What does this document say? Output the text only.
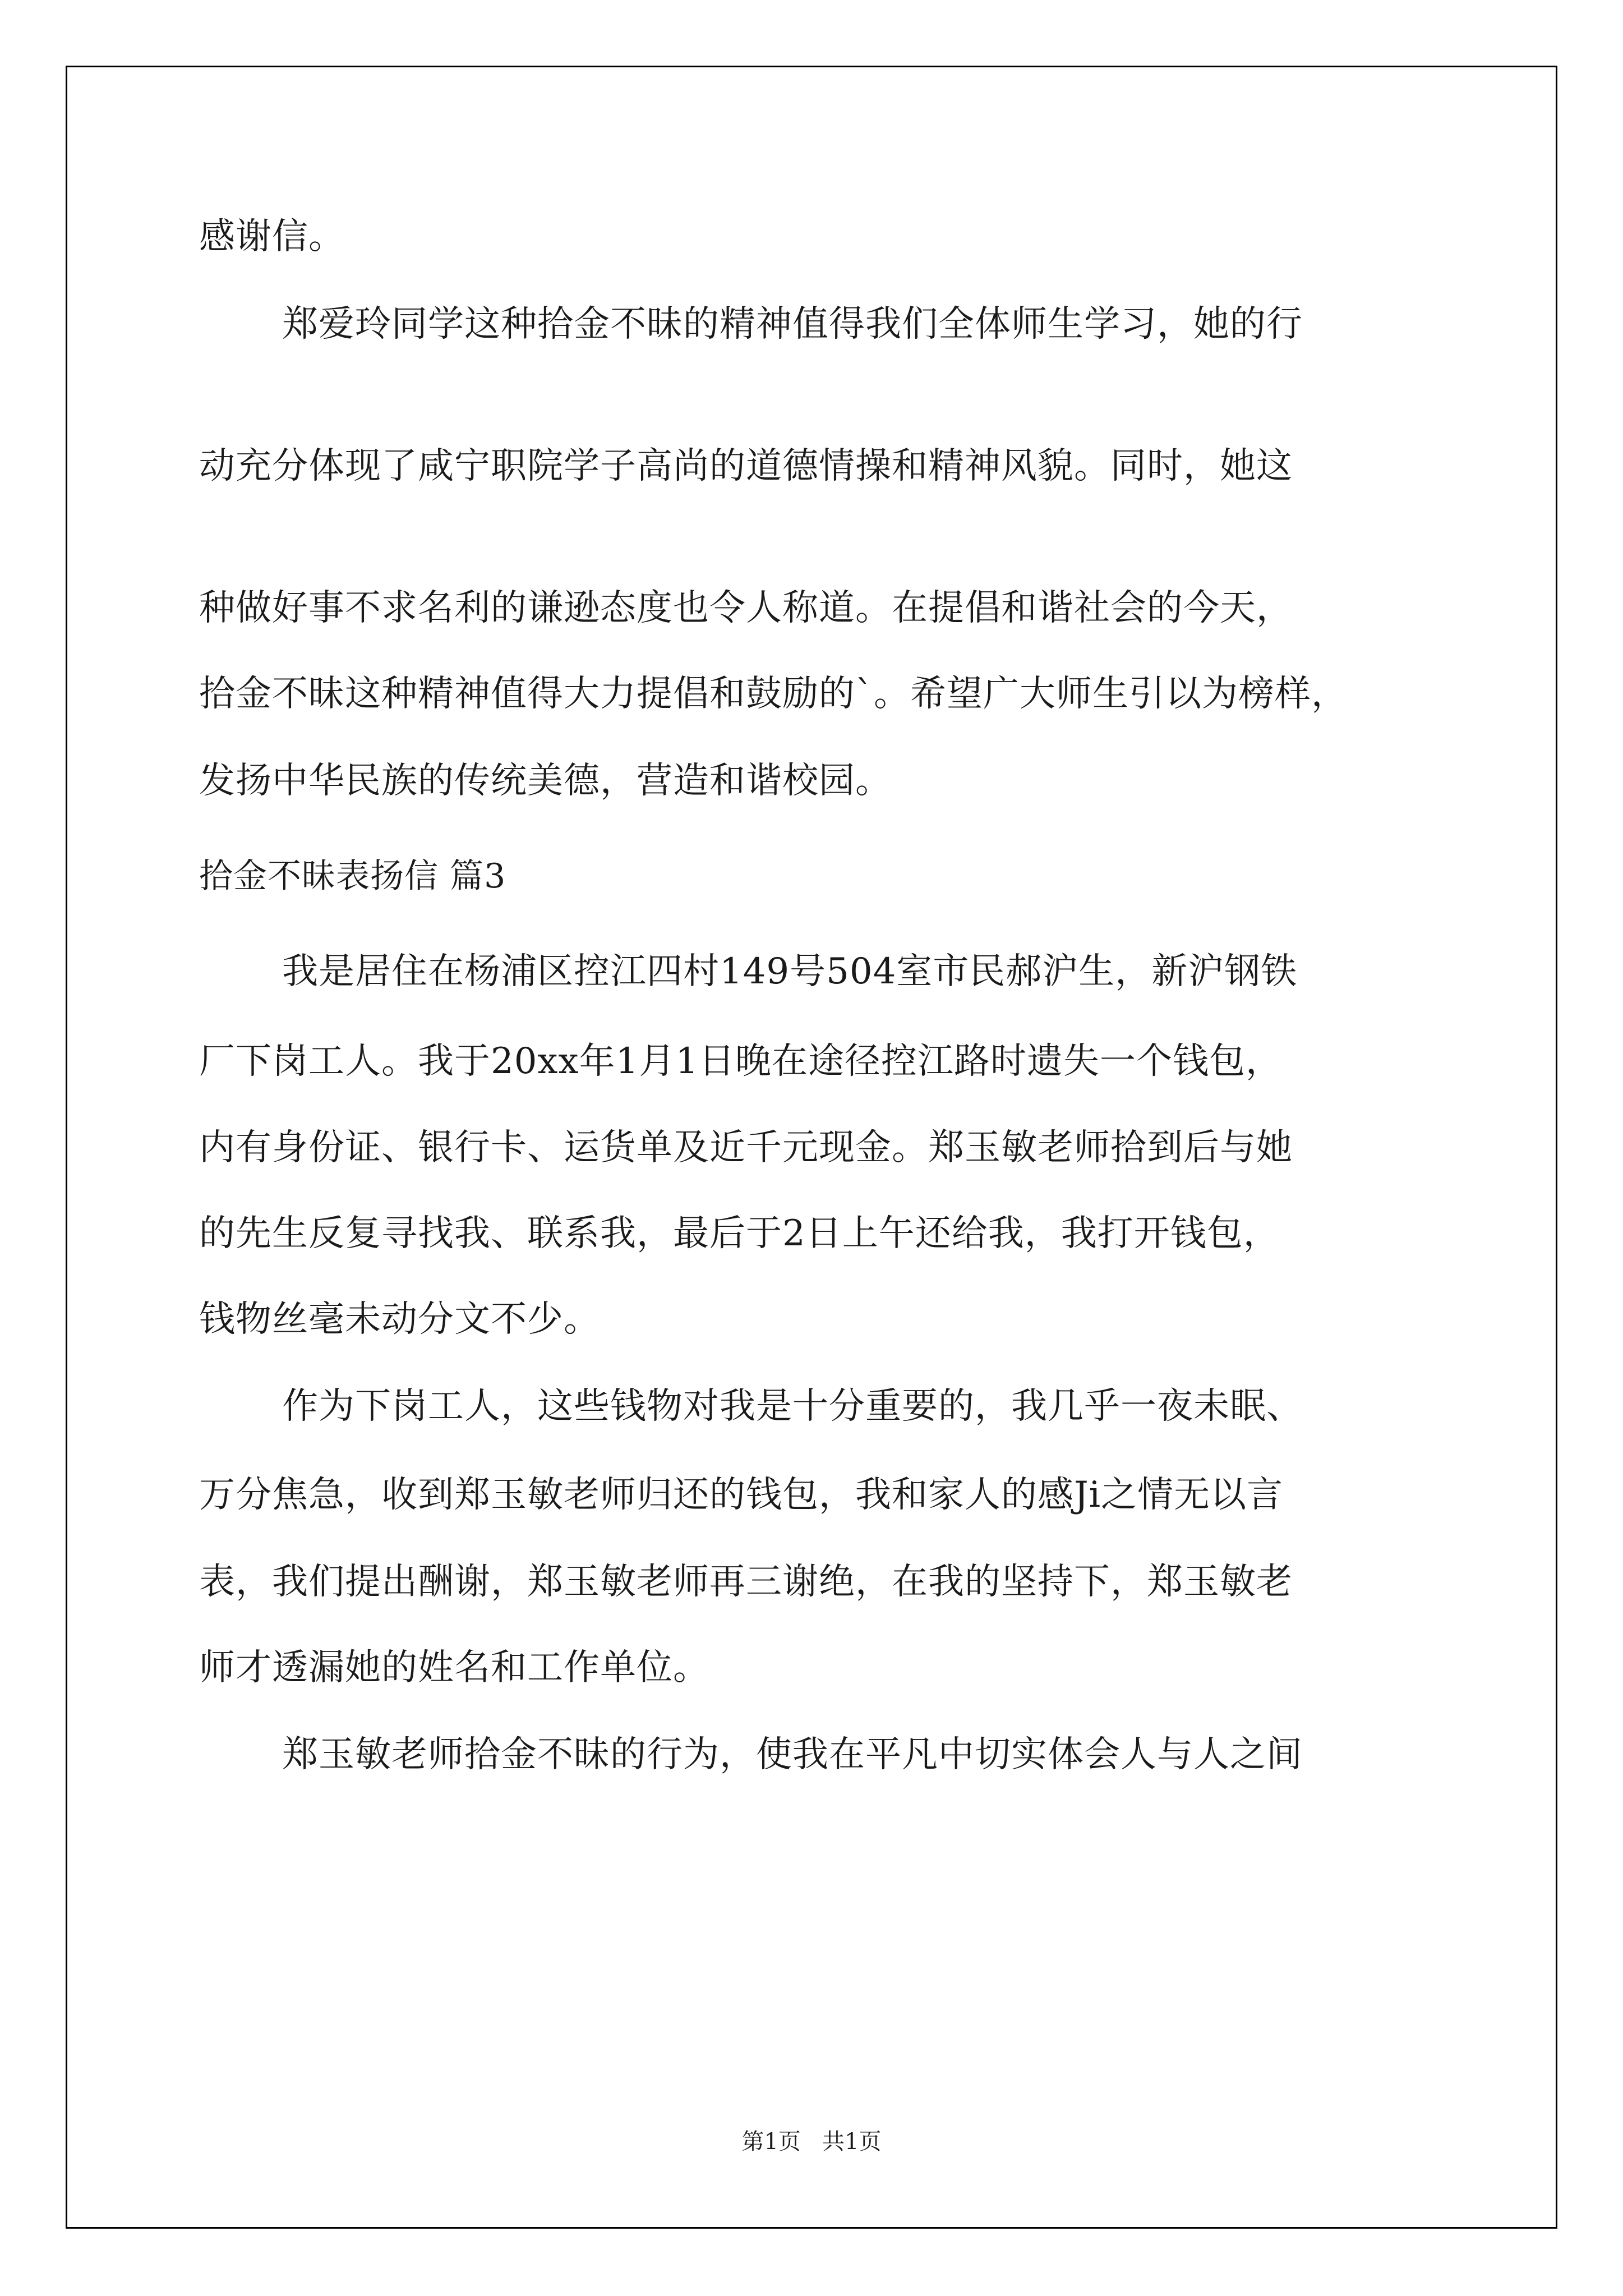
感谢信。
郑爱玲同学这种拾金不昧的精神值得我们全体师生学习，她的行
动充分体现了咸宁职院学子高尚的道德情操和精神风貌。同时，她这
种做好事不求名利的谦逊态度也令人称道。在提倡和谐社会的今天，
拾金不昧这种精神值得大力提倡和鼓励的`。希望广大师生引以为榜样，
发扬中华民族的传统美德，营造和谐校园。
拾金不昧表扬信 篇3
我是居住在杨浦区控江四村149号504室市民郝沪生，新沪钢铁
厂下岗工人。我于20xx年1月1日晚在途径控江路时遗失一个钱包，
内有身份证、银行卡、运货单及近千元现金。郑玉敏老师拾到后与她
的先生反复寻找我、联系我，最后于2日上午还给我，我打开钱包，
钱物丝毫未动分文不少。
作为下岗工人，这些钱物对我是十分重要的，我几乎一夜未眠、
万分焦急，收到郑玉敏老师归还的钱包，我和家人的感Ji之情无以言
表，我们提出酬谢，郑玉敏老师再三谢绝，在我的坚持下，郑玉敏老
师才透漏她的姓名和工作单位。
郑玉敏老师拾金不昧的行为，使我在平凡中切实体会人与人之间
第1页   共1页
